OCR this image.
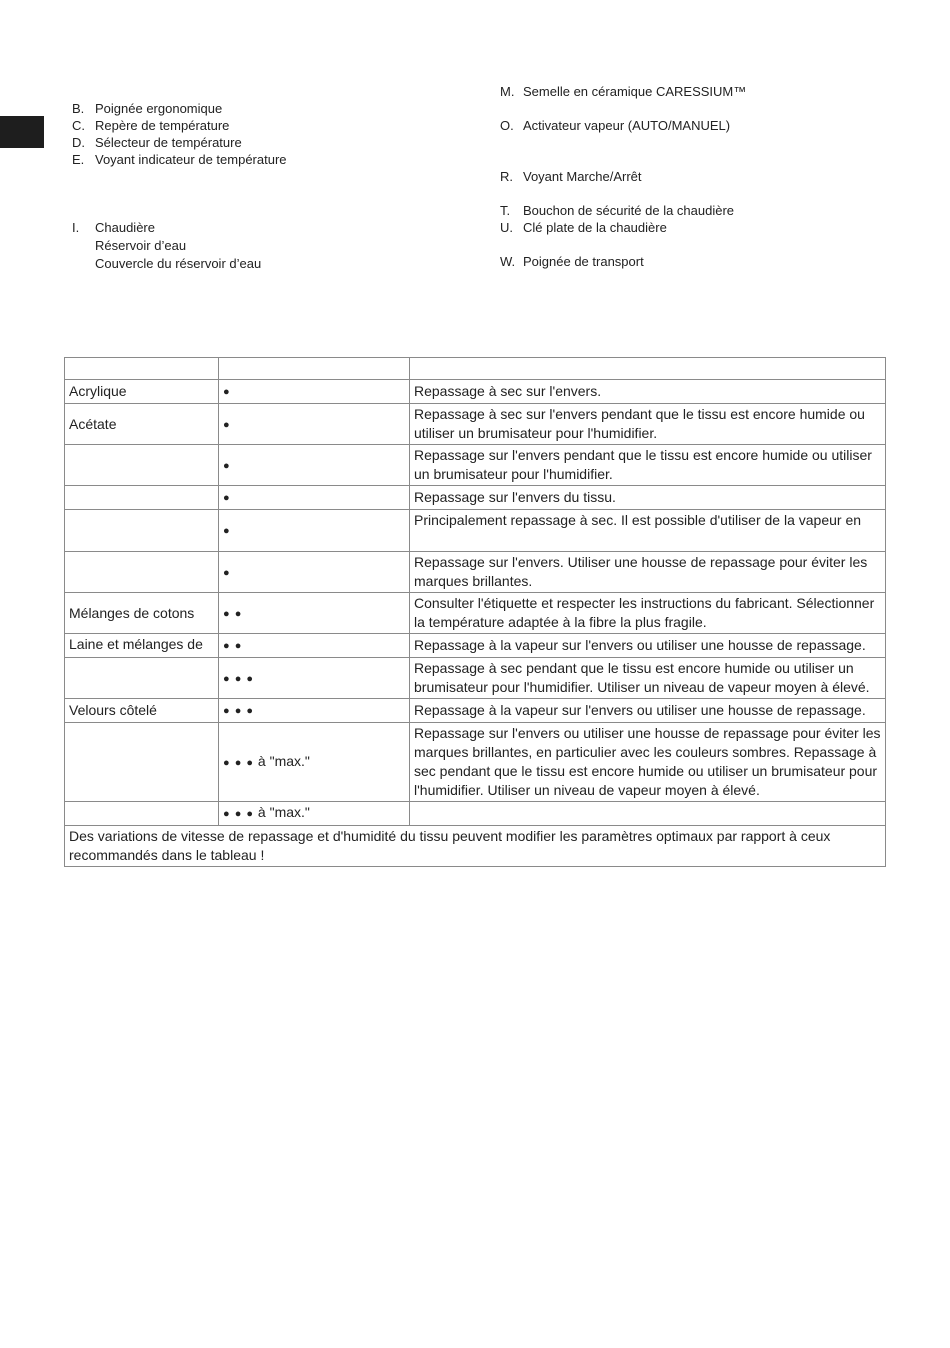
B. Poignée ergonomique
C. Repère de température
D. Sélecteur de température
E. Voyant indicateur de température
I. Chaudière
Réservoir d’eau
Couvercle du réservoir d’eau
M. Semelle en céramique CARESSIUM™
O. Activateur vapeur (AUTO/MANUEL)
R. Voyant Marche/Arrêt
T. Bouchon de sécurité de la chaudière
U. Clé plate de la chaudière
W. Poignée de transport

Acrylique	●	Repassage à sec sur l'envers.
Acétate	●	Repassage à sec sur l'envers pendant que le tissu est encore humide ou utiliser un brumisateur pour l'humidifier.
	●	Repassage sur l'envers pendant que le tissu est encore humide ou utiliser un brumisateur pour l'humidifier.
	●	Repassage sur l'envers du tissu.
	●	Principalement repassage à sec. Il est possible d'utiliser de la vapeur en
	●	Repassage sur l'envers. Utiliser une housse de repassage pour éviter les marques brillantes.
Mélanges de cotons	● ●	Consulter l'étiquette et respecter les instructions du fabricant. Sélectionner la température adaptée à la fibre la plus fragile.
Laine et mélanges de	● ●	Repassage à la vapeur sur l'envers ou utiliser une housse de repassage.
	● ● ●	Repassage à sec pendant que le tissu est encore humide ou utiliser un brumisateur pour l'humidifier. Utiliser un niveau de vapeur moyen à élevé.
Velours côtelé	● ● ●	Repassage à la vapeur sur l'envers ou utiliser une housse de repassage.
	● ● ● à "max."	Repassage sur l'envers ou utiliser une housse de repassage pour éviter les marques brillantes, en particulier avec les couleurs sombres. Repassage à sec pendant que le tissu est encore humide ou utiliser un brumisateur pour l'humidifier. Utiliser un niveau de vapeur moyen à élevé.
	● ● ● à "max."	
Des variations de vitesse de repassage et d'humidité du tissu peuvent modifier les paramètres optimaux par rapport à ceux recommandés dans le tableau !		
